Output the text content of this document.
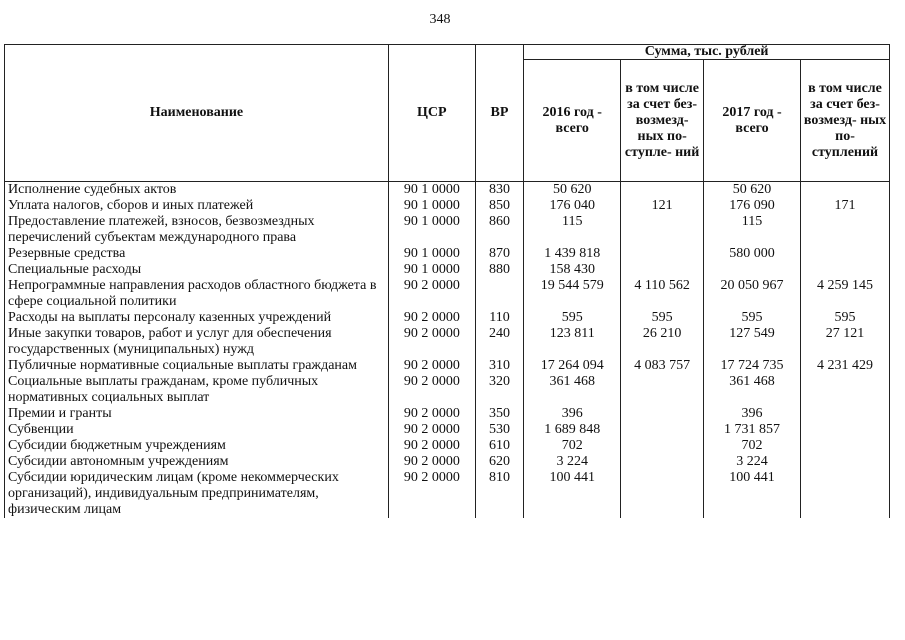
348
Наименование	ЦСР	ВР	Сумма, тыс. рублей			
			2016 год - всего	в том числе за счет без- возмезд- ных по- ступле- ний	2017 год - всего	в том числе за счет без- возмезд- ных по- ступлений
Исполнение судебных актов	90 1 0000	830	50 620		50 620	
Уплата налогов, сборов и иных платежей	90 1 0000	850	176 040	121	176 090	171
Предоставление платежей, взносов, безвозмездных перечислений субъектам международного права	90 1 0000	860	115		115	
Резервные средства	90 1 0000	870	1 439 818		580 000	
Специальные расходы	90 1 0000	880	158 430			
Непрограммные направления расходов областного бюджета в сфере социальной политики	90 2 0000		19 544 579	4 110 562	20 050 967	4 259 145
Расходы на выплаты персоналу казенных учреждений	90 2 0000	110	595	595	595	595
Иные закупки товаров, работ и услуг для обеспечения государственных (муниципальных) нужд	90 2 0000	240	123 811	26 210	127 549	27 121
Публичные нормативные социальные выплаты гражданам	90 2 0000	310	17 264 094	4 083 757	17 724 735	4 231 429
Социальные выплаты гражданам, кроме публичных нормативных социальных выплат	90 2 0000	320	361 468		361 468	
Премии и гранты	90 2 0000	350	396		396	
Субвенции	90 2 0000	530	1 689 848		1 731 857	
Субсидии бюджетным учреждениям	90 2 0000	610	702		702	
Субсидии автономным учреждениям	90 2 0000	620	3 224		3 224	
Субсидии юридическим лицам (кроме некоммерческих организаций), индивидуальным предпринимателям, физическим лицам	90 2 0000	810	100 441		100 441	
